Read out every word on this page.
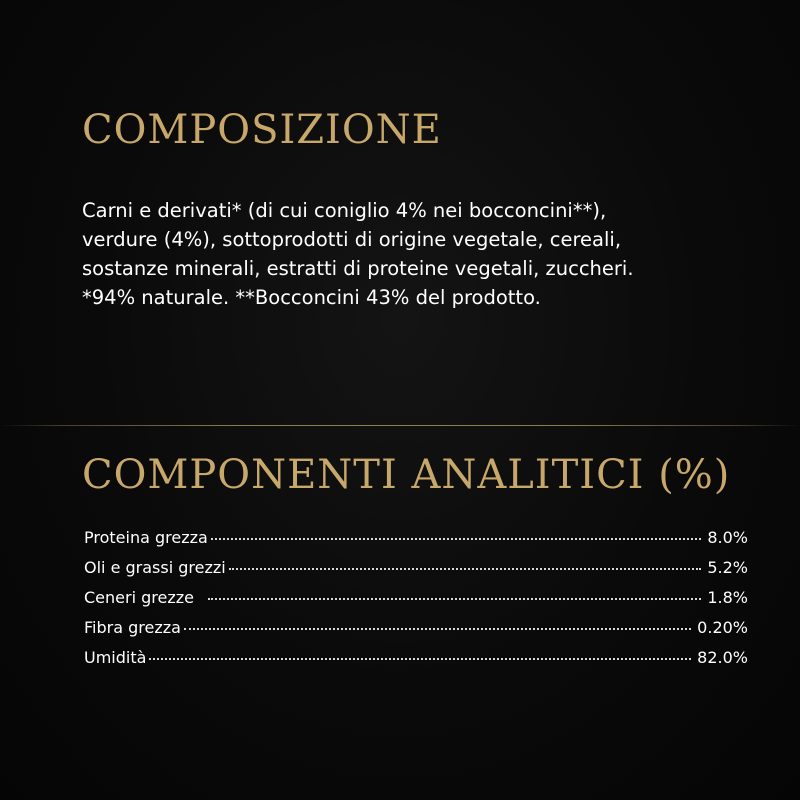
COMPOSIZIONE

Carni e derivati* (di cui coniglio 4% nei bocconcini**),
verdure (4%), sottoprodotti di origine vegetale, cereali,
sostanze minerali, estratti di proteine vegetali, zuccheri.
*94% naturale. **Bocconcini 43% del prodotto.

COMPONENTI ANALITICI (%)
Proteina grezza	8.0%
Oli e grassi grezzi	5.2%
Ceneri grezze	1.8%
Fibra grezza	0.20%
Umidità	82.0%
